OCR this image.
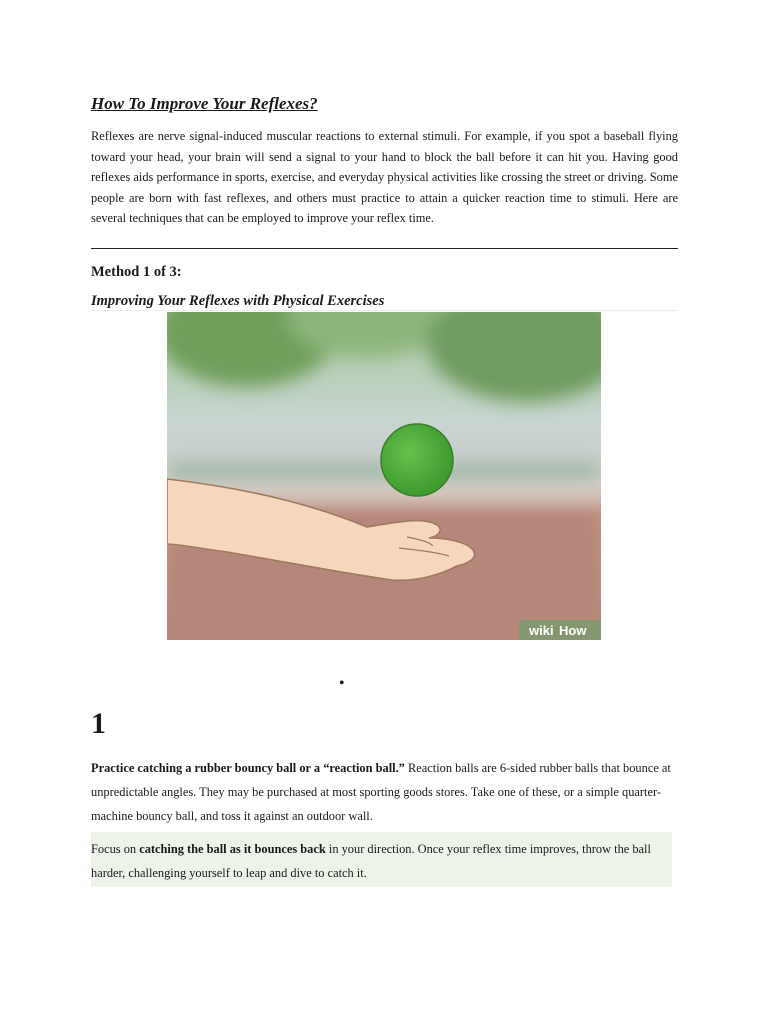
How To Improve Your Reflexes?

Reflexes are nerve signal-induced muscular reactions to external stimuli. For example, if you spot a baseball flying toward your head, your brain will send a signal to your hand to block the ball before it can hit you. Having good reflexes aids performance in sports, exercise, and everyday physical activities like crossing the street or driving. Some people are born with fast reflexes, and others must practice to attain a quicker reaction time to stimuli. Here are several techniques that can be employed to improve your reflex time.

Method 1 of 3:
Improving Your Reflexes with Physical Exercises
wiki How
•
1

Practice catching a rubber bouncy ball or a “reaction ball.” Reaction balls are 6-sided rubber balls that bounce at unpredictable angles. They may be purchased at most sporting goods stores. Take one of these, or a simple quarter-machine bouncy ball, and toss it against an outdoor wall.

Focus on catching the ball as it bounces back in your direction. Once your reflex time improves, throw the ball harder, challenging yourself to leap and dive to catch it.
